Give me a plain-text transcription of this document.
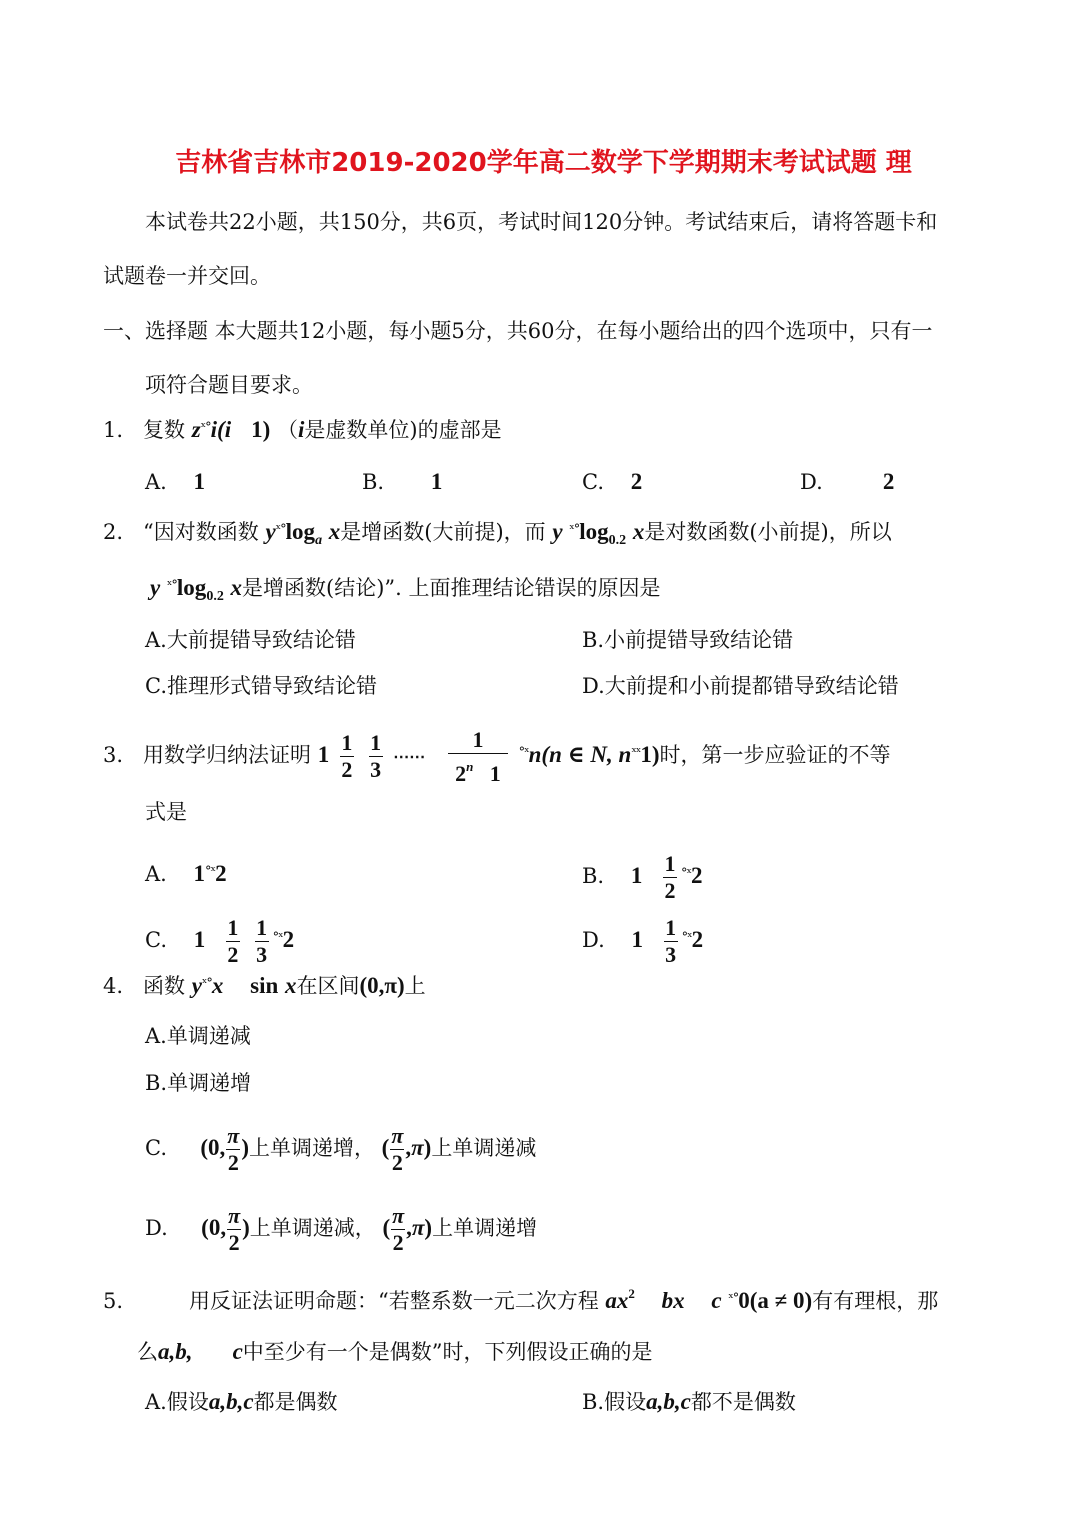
吉林省吉林市2019-2020学年高二数学下学期期末考试试题 理
本试卷共22小题，共150分，共6页，考试时间120分钟。考试结束后，请将答题卡和
试题卷一并交回。
一、选择题 本大题共12小题，每小题5分，共60分，在每小题给出的四个选项中，只有一
项符合题目要求。
1. 复数 $z^{ˣ^\circ}i(i$ 1) （i是虚数单位)的虚部是
A. 1	B. 1	C. 2	D.	2
2. “因对数函数 $y^{ˣ^\circ}\log_a$ x是增函数(大前提)，而 y $^{ˣ^\circ}\log_{0.2}$ x是对数函数(小前提)，所以
y $^{ˣ^\circ}\log_{0.2}$ x是增函数(结论)”. 上面推理结论错误的原因是
A.大前提错导致结论错	B.小前提错导致结论错
C.推理形式错导致结论错	D.大前提和小前提都错导致结论错
3. 用数学归纳法证明 $1 \frac{1}{2}$
$\frac{1}{3}$ ⋯⋯ $\frac{1}{2^n 1} ^{^\circ ˣ}n(n$ ∈ N, $n^{ˣˣ}1$)时，第一步应验证的不等
式是
A. $1^{^\circ ˣ}2$	B. $1 \frac{1}{2} ^{^\circ ˣ}2$
C. $1 \frac{1}{2}$
$\frac{1}{3} ^{^\circ ˣ}2$	D. $1 \frac{1}{3} ^{^\circ ˣ}2$
4. 函数 $y^{ˣ^\circ}x$ sin x在区间(0,π)上
A.单调递减
B.单调递增
C. (0, $\frac{\pi}{2}$ )上单调递增， ( $\frac{\pi}{2} ,\pi$)上单调递减
D. (0, $\frac{\pi}{2}$ )上单调递减， ( $\frac{\pi}{2} ,\pi$)上单调递增
5.	用反证法证明命题：“若整系数一元二次方程 $ax^2$ bx c $^{ˣ^\circ}$0(a ≠ 0)有有理根，那
么a,b, c中至少有一个是偶数”时，下列假设正确的是
A.假设a,b,c都是偶数	B.假设a,b,c都不是偶数
